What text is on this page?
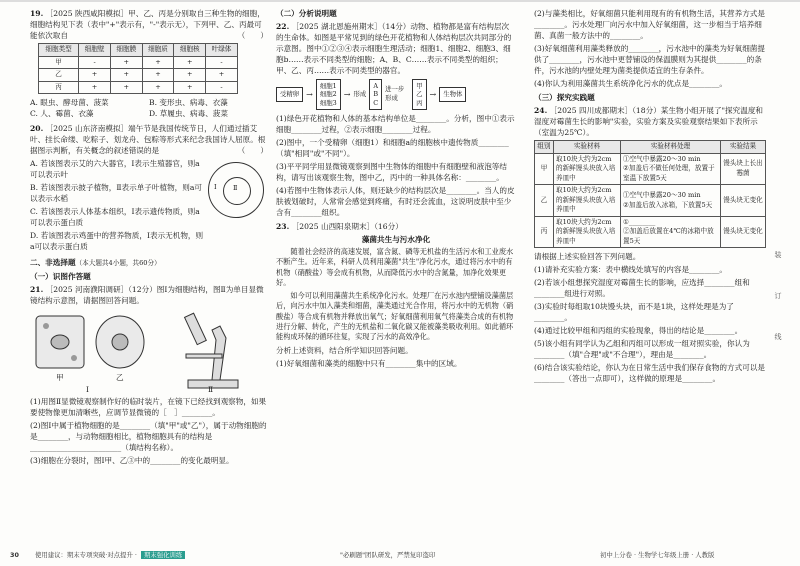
19. ［2025 陕西咸阳模拟］甲、乙、丙是分别取自三种生物的细胞，细胞结构见下表（表中"+"表示有，"-"表示无），下列甲、乙、丙最可能依次取自	（　　）

细胞类型	细胞壁	细胞膜	细胞质	细胞核	叶绿体
甲	-	+	+	+	-
乙	+	+	+	+	+
丙	+	+	+	+	-
A. 眼虫、酵母菌、菠菜	B. 变形虫、病毒、衣藻
C. 人、霉菌、衣藻	D. 草履虫、病毒、菠菜

20. ［2025 山东济南模拟］端午节是我国传统节日，人们通过插艾叶、挂长命缕、吃粽子、划龙舟、包粽等形式来纪念我国诗人屈原。根据图示判断，有关概念的叙述错误的是	（　　）

A. 若该图表示艾的六大器官，Ⅰ表示生殖器官，则a可以表示叶

B. 若该图表示披子植物，Ⅱ表示单子叶植物，则a可以表示水稻

C. 若该图表示人体基本组织，Ⅰ表示遗传物质，则a可以表示蛋白质

D. 若该图表示鸡蛋中的营养物质，Ⅰ表示无机物，则a可以表示蛋白质

Ⅰ	Ⅱ

二、非选择题（本大题共4小题，共60分）

（一）识图作答题

21. ［2025 河南濮阳调研］（12分）图Ⅰ为细胞结构，图Ⅱ为单目显微镜结构示意图，请据图回答问题。

甲	乙
Ⅰ	Ⅱ

(1)用图Ⅱ显微镜观察制作好的临时装片，在镜下已经找到观察物，如果要使物像更加清晰些，应调节显微镜的［　］________。

(2)图Ⅰ中属于植物细胞的是________（填"甲"或"乙"），属于动物细胞的是________，与动物细胞相比，植物细胞具有的结构是________________________（填结构名称）。

(3)细胞在分裂时，图Ⅰ甲、乙③中的________的变化最明显。

（二）分析说明题

22. ［2025 湖北恩施州期末］（14分）动物、植物都是富有结构层次的生命体。如图是平常见到的绿色开花植物和人体结构层次共同部分的示意图。图中①②③④表示细胞生理活动；细胞1、细胞2、细胞3、细胞b……表示不同类型的细胞；A、B、C……表示不同类型的组织；甲、乙、丙……表示不同类型的器官。

受精卵 →
细胞1
细胞2
细胞3
→ 形成
A
B
C
进一步形成
甲
乙
丙
→	生物体

(1)绿色开花植物和人体的基本结构单位是________。分析，图中①表示细胞________过程，②表示细胞________过程。

(2)图中，一个受精卵（细胞1）和细胞a的细胞核中遗传物质________（填"相同"或"不同"）。

(3)平平同学用显微镜观察到图中生物体的细胞中有细胞壁和液泡等结构，请写出该观察生物，图中乙，丙中的一种具体名称：________。

(4)若图中生物体表示人体，则还缺少的结构层次是________。当人的皮肤被划破时，人常常会感觉到疼痛，有时还会流血，这说明皮肤中至少含有________组织。

23. ［2025 山西阳泉期末］（16分）

藻菌共生与污水净化

随着社会经济的高速发展，富含氮、磷等无机盐的生活污水和工业废水不断产生。近年来，科研人员利用藻菌"共生"净化污水，通过将污水中的有机物（硝酸盐）等会成有机物，从而降低污水中的含氮量，加净化效果更好。

如今可以利用藻菌共生系统净化污水。处理厂在污水池内壁铺设藻菌层后，向污水中加入藻类和细菌，藻类通过光合作用，将污水中的无机物（硝酸盐）等合成有机物并释放出氧气；好氧细菌利用氧气将藻类合成的有机物进行分解、转化，产生的无机盐和二氧化碳又能被藻类吸收利用。如此循环能构成环保的循环往复，实现了污水的高效净化。

分析上述资料，结合所学知识回答问题。

(1)好氧细菌和藻类的细胞中只有________集中的区域。

(2)与藻类相比，好氧细菌只能利用现有的有机物生活，其营养方式是________。污水处理厂向污水中加入好氧细菌，这一步相当于培养细菌、真菌一般方法中的________。

(3)好氧细菌利用藻类释放的________，污水池中的藻类为好氧细菌提供了________，污水池中更替铺设的保温膜则为其提供________的条件，污水池的内壁处理为菌类提供适宜的生存条件。

(4)你认为利用藻菌共生系统净化污水的优点是________。

（三）探究实践题

24. ［2025 四川成都期末］（18分）某生物小组开展了"探究温度和湿度对霉菌生长的影响"实验，实验方案及实验观察结果如下表所示（室温为25℃）。

组别	实验材料	实验材料处理	实验结果
甲	取10块大约为2cm的新鲜馒头块放入培养皿中	①空气中暴露20～30 min
②加盖后不做任何处理，放置于室温下放置5天	馒头块上长出霉菌
乙	取10块大约为2cm的新鲜馒头块放入培养皿中	①空气中暴露20～30 min
②加盖后放入冰箱，下放置5天	馒头块无变化
丙	取10块大约为2cm的新鲜馒头块放入培养皿中	①________
②加盖后放置在4℃的冰箱中放置5天	馒头块无变化

请根据上述实验回答下列问题。

(1)请补充实验方案：表中横线处填写的内容是________。

(2)若该小组想探究湿度对霉菌生长的影响，应选择________组和________组进行对照。

(3)实验时每组取10块馒头块，而不是1块，这样处理是为了________。

(4)通过比较甲组和丙组的实验现象，得出的结论是________。

(5)该小组有同学认为乙组和丙组可以形成一组对照实验，你认为________（填"合理"或"不合理"），理由是________。

(6)结合该实验结论，你认为在日常生活中我们保存食物的方式可以是________（答出一点即可），这样做的原理是________。

装
订
线
30	使用建议：期末专项突破·对点提升 · 期末强化训练	"必刷题"团队研发，严禁复印盗印	初中上分卷 · 生物学七年级上册 · 人教版
